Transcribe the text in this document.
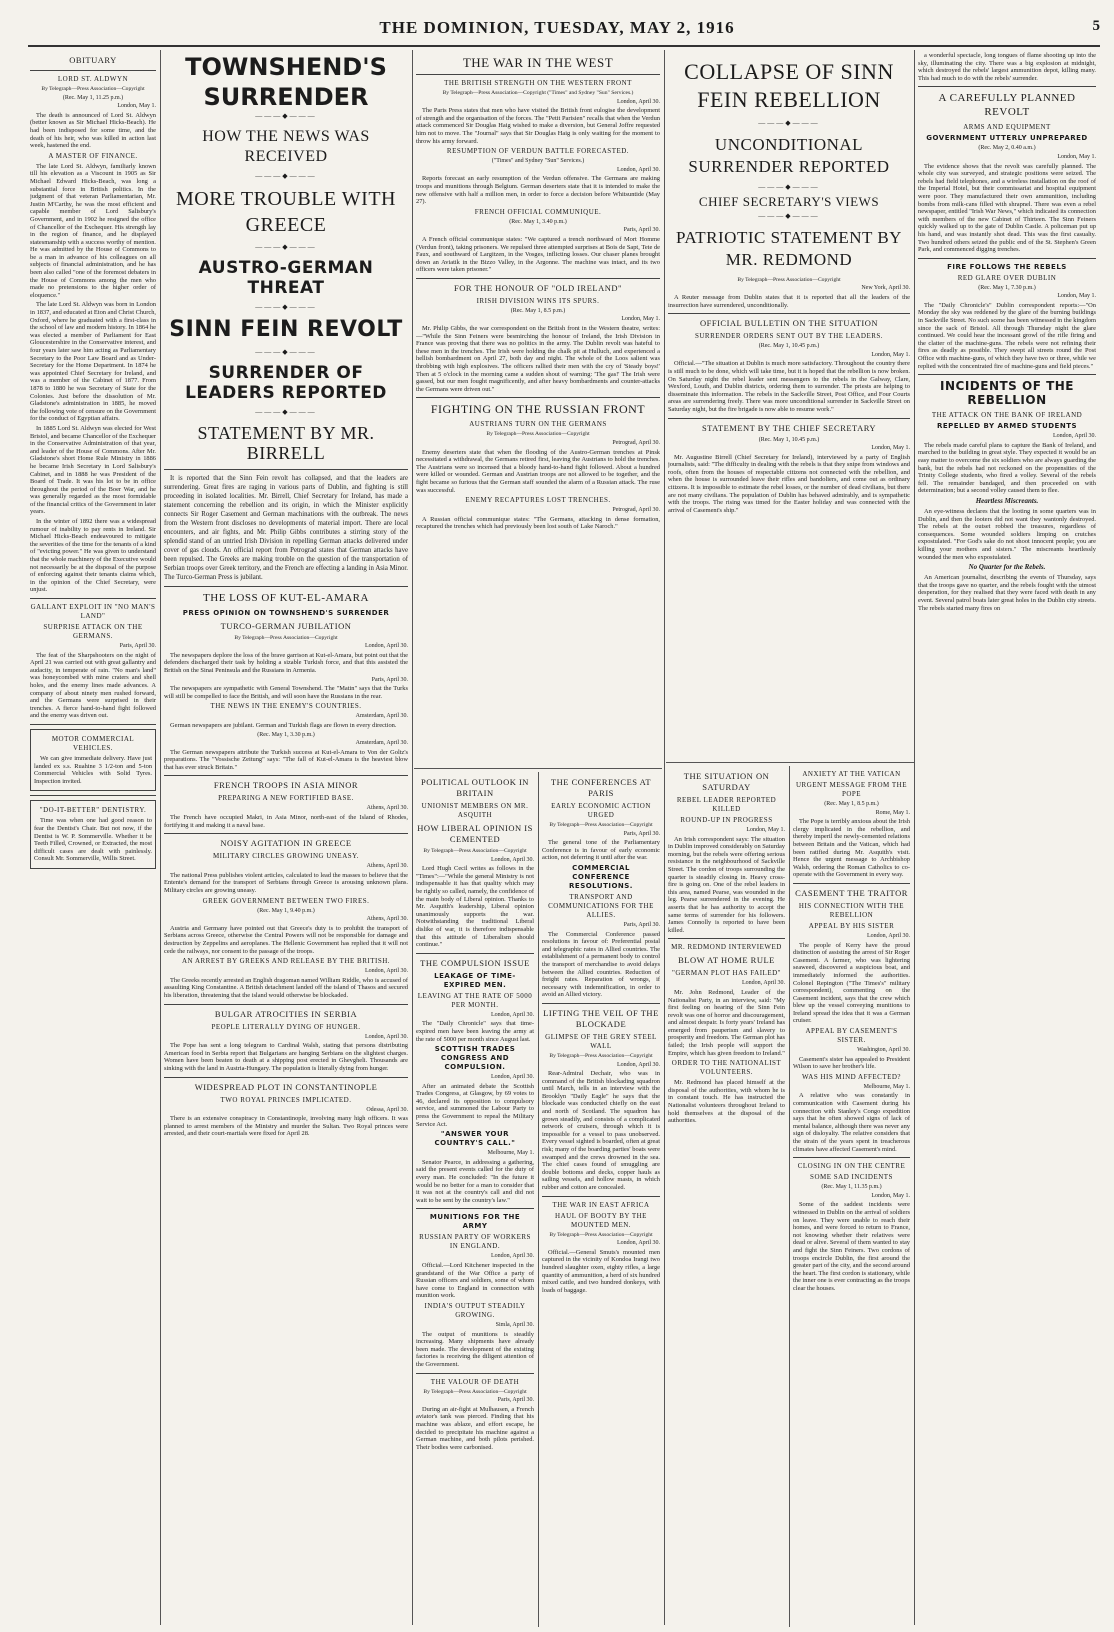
THE DOMINION, TUESDAY, MAY 2, 1916	5
OBITUARY
LORD ST. ALDWYN
By Telegraph—Press Association—Copyright
(Rec. May 1, 11.25 p.m.)
London, May 1.

The death is announced of Lord St. Aldwyn (better known as Sir Michael Hicks-Beach). He had been indisposed for some time, and the death of his heir, who was killed in action last week, hastened the end.

A MASTER OF FINANCE.

The late Lord St. Aldwyn, familiarly known till his elevation as a Viscount in 1905 as Sir Michael Edward Hicks-Beach, was long a substantial force in British politics. In the judgment of that veteran Parliamentarian, Mr. Justin M'Carthy, he was the most efficient and capable member of Lord Salisbury's Government, and in 1902 he resigned the office of Chancellor of the Exchequer. His strength lay in the region of finance, and he displayed statesmanship with a success worthy of mention. He was admitted by the House of Commons to be a man in advance of his colleagues on all subjects of financial administration, and he has been also called "one of the foremost debaters in the House of Commons among the men who made no pretensions to the higher order of eloquence."

The late Lord St. Aldwyn was born in London in 1837, and educated at Eton and Christ Church, Oxford, where he graduated with a first-class in the school of law and modern history. In 1864 he was elected a member of Parliament for East Gloucestershire in the Conservative interest, and four years later saw him acting as Parliamentary Secretary to the Poor Law Board and as Under-Secretary for the Home Department. In 1874 he was appointed Chief Secretary for Ireland, and was a member of the Cabinet of 1877. From 1878 to 1880 he was Secretary of State for the Colonies. Just before the dissolution of Mr. Gladstone's administration in 1885, he moved the following vote of censure on the Government for the conduct of Egyptian affairs.

In 1885 Lord St. Aldwyn was elected for West Bristol, and became Chancellor of the Exchequer in the Conservative Administration of that year, and leader of the House of Commons. After Mr. Gladstone's short Home Rule Ministry in 1886 he became Irish Secretary in Lord Salisbury's Cabinet, and in 1888 he was President of the Board of Trade. It was his lot to be in office throughout the period of the Boer War, and he was generally regarded as the most formidable of the financial critics of the Government in later years.

In the winter of 1892 there was a widespread rumour of inability to pay rents in Ireland. Sir Michael Hicks-Beach endeavoured to mitigate the severities of the time for the tenants of a kind of "evicting power." He was given to understand that the whole machinery of the Executive would not necessarily be at the disposal of the purpose of enforcing against their tenants claims which, in the opinion of the Chief Secretary, were unjust.

GALLANT EXPLOIT IN "NO MAN'S LAND"
SURPRISE ATTACK ON THE GERMANS.
Paris, April 30.

The feat of the Sharpshooters on the night of April 21 was carried out with great gallantry and audacity, in temperate of rain. "No man's land" was honeycombed with mine craters and shell holes, and the enemy lines made advances. A company of about ninety men rushed forward, and the Germans were surprised in their trenches. A fierce hand-to-hand fight followed and the enemy was driven out.

MOTOR COMMERCIAL VEHICLES.

We can give immediate delivery. Have just landed ex s.s. Ruahine 3 1/2-ton and 5-ton Commercial Vehicles with Solid Tyres. Inspection invited.

"DO-IT-BETTER" DENTISTRY.

Time was when one had good reason to fear the Dentist's Chair. But not now, if the Dentist is W. P. Sommerville. Whether it be Teeth Filled, Crowned, or Extracted, the most difficult cases are dealt with painlessly. Consult Mr. Sommerville, Willis Street.

TOWNSHEND'S SURRENDER
———◆———
HOW THE NEWS WAS RECEIVED
———◆———
MORE TROUBLE WITH GREECE
———◆———
AUSTRO-GERMAN THREAT
———◆———
SINN FEIN REVOLT
———◆———
SURRENDER OF LEADERS REPORTED
———◆———
STATEMENT BY MR. BIRRELL

It is reported that the Sinn Fein revolt has collapsed, and that the leaders are surrendering. Great fires are raging in various parts of Dublin, and fighting is still proceeding in isolated localities. Mr. Birrell, Chief Secretary for Ireland, has made a statement concerning the rebellion and its origin, in which the Minister explicitly connects Sir Roger Casement and German machinations with the outbreak. The news from the Western front discloses no developments of material import. There are local encounters, and air fights, and Mr. Philip Gibbs contributes a stirring story of the splendid stand of an untried Irish Division in repelling German attacks delivered under cover of gas clouds. An official report from Petrograd states that German attacks have been repulsed. The Greeks are making trouble on the question of the transportation of Serbian troops over Greek territory, and the French are effecting a landing in Asia Minor. The Turco-German Press is jubilant.

THE LOSS OF KUT-EL-AMARA
PRESS OPINION ON TOWNSHEND'S SURRENDER
TURCO-GERMAN JUBILATION
By Telegraph—Press Association—Copyright
London, April 30.

The newspapers deplore the loss of the brave garrison at Kut-el-Amara, but point out that the defenders discharged their task by holding a sizable Turkish force, and that this assisted the British on the Sinai Peninsula and the Russians in Armenia.

Paris, April 30.

The newspapers are sympathetic with General Townshend. The "Matin" says that the Turks will still be compelled to face the British, and will soon have the Russians in the rear.

THE NEWS IN THE ENEMY'S COUNTRIES.
Amsterdam, April 30.

German newspapers are jubilant. German and Turkish flags are flown in every direction.

(Rec. May 1, 3.30 p.m.)
Amsterdam, April 30.

The German newspapers attribute the Turkish success at Kut-el-Amara to Von der Goltz's preparations. The "Vossische Zeitung" says: "The fall of Kut-el-Amara is the heaviest blow that has ever struck Britain."

FRENCH TROOPS IN ASIA MINOR
PREPARING A NEW FORTIFIED BASE.
Athens, April 30.

The French have occupied Makri, in Asia Minor, north-east of the Island of Rhodes, fortifying it and making it a naval base.

NOISY AGITATION IN GREECE
MILITARY CIRCLES GROWING UNEASY.
Athens, April 30.

The national Press publishes violent articles, calculated to lead the masses to believe that the Entente's demand for the transport of Serbians through Greece is arousing unknown plans. Military circles are growing uneasy.

GREEK GOVERNMENT BETWEEN TWO FIRES.
(Rec. May 1, 9.40 p.m.)
Athens, April 30.

Austria and Germany have pointed out that Greece's duty is to prohibit the transport of Serbians across Greece, otherwise the Central Powers will not be responsible for damage and destruction by Zeppelins and aeroplanes. The Hellenic Government has replied that it will not cede the railways, nor consent to the passage of the troops.

AN ARREST BY GREEKS AND RELEASE BY THE BRITISH.
London, April 30.

The Greeks recently arrested an English dragoman named William Riddle, who is accused of assaulting King Constantine. A British detachment landed off the island of Thasos and secured his liberation, threatening that the island would otherwise be blockaded.

BULGAR ATROCITIES IN SERBIA
PEOPLE LITERALLY DYING OF HUNGER.
London, April 30.

The Pope has sent a long telegram to Cardinal Walsh, stating that persons distributing American food in Serbia report that Bulgarians are hanging Serbians on the slightest charges. Women have been beaten to death at a shipping post erected in Ghevgheli. Thousands are sinking with the land in Austria-Hungary. The population is literally dying from hunger.

WIDESPREAD PLOT IN CONSTANTINOPLE
TWO ROYAL PRINCES IMPLICATED.
Odessa, April 30.

There is an extensive conspiracy in Constantinople, involving many high officers. It was planned to arrest members of the Ministry and murder the Sultan. Two Royal princes were arrested, and their court-martials were fixed for April 28.

THE WAR IN THE WEST
THE BRITISH STRENGTH ON THE WESTERN FRONT
By Telegraph—Press Association—Copyright ("Times" and Sydney "Sun" Services.)
London, April 30.

The Paris Press states that men who have visited the British front eulogise the development of strength and the organisation of the forces. The "Petit Parisien" recalls that when the Verdun attack commenced Sir Douglas Haig wished to make a diversion, but General Joffre requested him not to move. The "Journal" says that Sir Douglas Haig is only waiting for the moment to throw his army forward.

RESUMPTION OF VERDUN BATTLE FORECASTED.
("Times" and Sydney "Sun" Services.)
London, April 30.

Reports forecast an early resumption of the Verdun offensive. The Germans are making troops and munitions through Belgium. German deserters state that it is intended to make the new offensive with half a million men, in order to force a decision before Whitsuntide (May 27).

FRENCH OFFICIAL COMMUNIQUE.
(Rec. May 1, 3.40 p.m.)
Paris, April 30.

A French official communique states: "We captured a trench northward of Mort Homme (Verdun front), taking prisoners. We repulsed three attempted surprises at Bois de Sapt, Tete de Faux, and southward of Largitzen, in the Vosges, inflicting losses. Our chaser planes brought down an Aviatik in the Bizzo Valley, in the Argonne. The machine was intact, and its two officers were taken prisoner."

FOR THE HONOUR OF "OLD IRELAND"
IRISH DIVISION WINS ITS SPURS.
(Rec. May 1, 8.5 p.m.)
London, May 1.

Mr. Philip Gibbs, the war correspondent on the British front in the Western theatre, writes:—"While the Sinn Feiners were besmirching the honour of Ireland, the Irish Division in France was proving that there was no politics in the army. The Dublin revolt was hateful to these men in the trenches. The Irish were holding the chalk pit at Hulluch, and experienced a hellish bombardment on April 27, both day and night. The whole of the Loos salient was throbbing with high explosives. The officers rallied their men with the cry of 'Steady boys!' Then at 5 o'clock in the morning came a sudden shout of warning: 'The gas!' The Irish were gassed, but our men fought magnificently, and after heavy bombardments and counter-attacks the Germans were driven out."

FIGHTING ON THE RUSSIAN FRONT
AUSTRIANS TURN ON THE GERMANS
By Telegraph—Press Association—Copyright
Petrograd, April 30.

Enemy deserters state that when the flooding of the Austro-German trenches at Pinsk necessitated a withdrawal, the Germans retired first, leaving the Austrians to hold the trenches. The Austrians were so incensed that a bloody hand-to-hand fight followed. About a hundred were killed or wounded. German and Austrian troops are not allowed to be together, and the fight became so furious that the German staff sounded the alarm of a Russian attack. The ruse was successful.

ENEMY RECAPTURES LOST TRENCHES.
Petrograd, April 30.

A Russian official communique states: "The Germans, attacking in dense formation, recaptured the trenches which had previously been lost south of Lake Naroch."

POLITICAL OUTLOOK IN BRITAIN
UNIONIST MEMBERS ON MR. ASQUITH
HOW LIBERAL OPINION IS CEMENTED
By Telegraph—Press Association—Copyright
London, April 30.

Lord Hugh Cecil writes as follows in the "Times":—"While the general Ministry is not indispensable it has that quality which may be rightly so called, namely, the confidence of the main body of Liberal opinion. Thanks to Mr. Asquith's leadership, Liberal opinion unanimously supports the war. Notwithstanding the traditional Liberal dislike of war, it is therefore indispensable that this attitude of Liberalism should continue."

THE COMPULSION ISSUE
LEAKAGE OF TIME-EXPIRED MEN.
LEAVING AT THE RATE OF 5000 PER MONTH.
London, April 30.

The "Daily Chronicle" says that time-expired men have been leaving the army at the rate of 5000 per month since August last.

SCOTTISH TRADES CONGRESS AND COMPULSION.
London, April 30.

After an animated debate the Scottish Trades Congress, at Glasgow, by 69 votes to 46, declared its opposition to compulsory service, and summoned the Labour Party to press the Government to repeal the Military Service Act.

"ANSWER YOUR COUNTRY'S CALL."
Melbourne, May 1.

Senator Pearce, in addressing a gathering, said the present events called for the duty of every man. He concluded: "In the future it would be no better for a man to consider that it was not at the country's call and did not wait to be sent by the country's law."

MUNITIONS FOR THE ARMY
RUSSIAN PARTY OF WORKERS IN ENGLAND.
London, April 30.

Official.—Lord Kitchener inspected in the grandstand of the War Office a party of Russian officers and soldiers, some of whom have come to England in connection with munition work.

INDIA'S OUTPUT STEADILY GROWING.
Simla, April 30.

The output of munitions is steadily increasing. Many shipments have already been made. The development of the existing factories is receiving the diligent attention of the Government.

THE VALOUR OF DEATH
By Telegraph—Press Association—Copyright
Paris, April 30.

During an air-fight at Mulhausen, a French aviator's tank was pierced. Finding that his machine was ablaze, and effort escape, he decided to precipitate his machine against a German machine, and both pilots perished. Their bodies were carbonised.

THE CONFERENCES AT PARIS
EARLY ECONOMIC ACTION URGED
By Telegraph—Press Association—Copyright
Paris, April 30.

The general tone of the Parliamentary Conference is in favour of early economic action, not deferring it until after the war.

COMMERCIAL CONFERENCE RESOLUTIONS.
TRANSPORT AND COMMUNICATIONS FOR THE ALLIES.
Paris, April 30.

The Commercial Conference passed resolutions in favour of: Preferential postal and telegraphic rates in Allied countries. The establishment of a permanent body to control the transport of merchandise to avoid delays between the Allied countries. Reduction of freight rates. Reparation of wrongs, if necessary with indemnification, in order to avoid an Allied victory.

LIFTING THE VEIL OF THE BLOCKADE
GLIMPSE OF THE GREY STEEL WALL
By Telegraph—Press Association—Copyright
London, April 30.

Rear-Admiral Dechair, who was in command of the British blockading squadron until March, tells in an interview with the Brooklyn "Daily Eagle" he says that the blockade was conducted chiefly on the east and north of Scotland. The squadron has grown steadily, and consists of a complicated network of cruisers, through which it is impossible for a vessel to pass unobserved. Every vessel sighted is boarded, often at great risk; many of the boarding parties' boats were swamped and the crews drowned in the sea. The chief cases found of smuggling are double bottoms and decks, copper hauls as sailing vessels, and hollow masts, in which rubber and cotton are concealed.

THE WAR IN EAST AFRICA
HAUL OF BOOTY BY THE MOUNTED MEN.
By Telegraph—Press Association—Copyright
London, April 30.

Official.—General Smuts's mounted men captured in the vicinity of Kondoa Irangi two hundred slaughter oxen, eighty rifles, a large quantity of ammunition, a herd of six hundred mixed cattle, and two hundred donkeys, with loads of baggage.

COLLAPSE OF SINN FEIN REBELLION
———◆———
UNCONDITIONAL SURRENDER REPORTED
———◆———
CHIEF SECRETARY'S VIEWS
———◆———
PATRIOTIC STATEMENT BY MR. REDMOND
By Telegraph—Press Association—Copyright
New York, April 30.

A Reuter message from Dublin states that it is reported that all the leaders of the insurrection have surrendered, unconditionally.

OFFICIAL BULLETIN ON THE SITUATION
SURRENDER ORDERS SENT OUT BY THE LEADERS.
(Rec. May 1, 10.45 p.m.)
London, May 1.

Official.—"The situation at Dublin is much more satisfactory. Throughout the country there is still much to be done, which will take time, but it is hoped that the rebellion is now broken. On Saturday night the rebel leader sent messengers to the rebels in the Galway, Clare, Wexford, Louth, and Dublin districts, ordering them to surrender. The priests are helping to disseminate this information. The rebels in the Sackville Street, Post Office, and Four Courts areas are surrendering freely. There was more unconditional surrender in Sackville Street on Saturday night, but the fire brigade is now able to resume work."

STATEMENT BY THE CHIEF SECRETARY
(Rec. May 1, 10.45 p.m.)
London, May 1.

Mr. Augustine Birrell (Chief Secretary for Ireland), interviewed by a party of English journalists, said: "The difficulty in dealing with the rebels is that they snipe from windows and roofs, often from the houses of respectable citizens not connected with the rebellion, and when the house is surrounded leave their rifles and bandoliers, and come out as ordinary citizens. It is impossible to estimate the rebel losses, or the number of dead civilians, but there are not many civilians. The population of Dublin has behaved admirably, and is sympathetic with the troops. The rising was timed for the Easter holiday and was connected with the arrival of Casement's ship."

THE SITUATION ON SATURDAY
REBEL LEADER REPORTED KILLED
ROUND-UP IN PROGRESS
London, May 1.

An Irish correspondent says: The situation in Dublin improved considerably on Saturday morning, but the rebels were offering serious resistance in the neighbourhood of Sackville Street. The cordon of troops surrounding the quarter is steadily closing in. Heavy cross-fire is going on. One of the rebel leaders in this area, named Pearse, was wounded in the leg. Pearse surrendered in the evening. He asserts that he has authority to accept the same terms of surrender for his followers. James Connolly is reported to have been killed.

MR. REDMOND INTERVIEWED
BLOW AT HOME RULE
"GERMAN PLOT HAS FAILED"
London, April 30.

Mr. John Redmond, Leader of the Nationalist Party, in an interview, said: "My first feeling on hearing of the Sinn Fein revolt was one of horror and discouragement, and almost despair. Is forty years' Ireland has emerged from pauperism and slavery to prosperity and freedom. The German plot has failed; the Irish people will support the Empire, which has given freedom to Ireland."

ORDER TO THE NATIONALIST VOLUNTEERS.

Mr. Redmond has placed himself at the disposal of the authorities, with whom he is in constant touch. He has instructed the Nationalist volunteers throughout Ireland to hold themselves at the disposal of the authorities.

ANXIETY AT THE VATICAN
URGENT MESSAGE FROM THE POPE
(Rec. May 1, 8.5 p.m.)
Rome, May 1.

The Pope is terribly anxious about the Irish clergy implicated in the rebellion, and thereby imperil the newly-cemented relations between Britain and the Vatican, which had been ratified during Mr. Asquith's visit. Hence the urgent message to Archbishop Walsh, ordering the Roman Catholics to co-operate with the Government in every way.

CASEMENT THE TRAITOR
HIS CONNECTION WITH THE REBELLION
APPEAL BY HIS SISTER
London, April 30.

The people of Kerry have the proud distinction of assisting the arrest of Sir Roger Casement. A farmer, who was lightering seaweed, discovered a suspicious boat, and immediately informed the authorities. Colonel Repington ("The Times's" military correspondent), commenting on the Casement incident, says that the crew which blew up the vessel conveying munitions to Ireland spread the idea that it was a German cruiser.

APPEAL BY CASEMENT'S SISTER.
Washington, April 30.

Casement's sister has appealed to President Wilson to save her brother's life.

WAS HIS MIND AFFECTED?
Melbourne, May 1.

A relative who was constantly in communication with Casement during his connection with Stanley's Congo expedition says that he often showed signs of lack of mental balance, although there was never any sign of disloyalty. The relative considers that the strain of the years spent in treacherous climates have affected Casement's mind.

CLOSING IN ON THE CENTRE
SOME SAD INCIDENTS
(Rec. May 1, 11.35 p.m.)
London, May 1.

Some of the saddest incidents were witnessed in Dublin on the arrival of soldiers on leave. They were unable to reach their homes, and were forced to return to France, not knowing whether their relatives were dead or alive. Several of them wanted to stay and fight the Sinn Feiners. Two cordons of troops encircle Dublin, the first around the greater part of the city, and the second around the heart. The first cordon is stationary, while the inner one is ever contracting as the troops clear the houses.

a wonderful spectacle, long tongues of flame shooting up into the sky, illuminating the city. There was a big explosion at midnight, which destroyed the rebels' largest ammunition depot, killing many. This had much to do with the rebels' surrender.

A CAREFULLY PLANNED REVOLT
ARMS AND EQUIPMENT
GOVERNMENT UTTERLY UNPREPARED
(Rec. May 2, 0.40 a.m.)
London, May 1.

The evidence shows that the revolt was carefully planned. The whole city was surveyed, and strategic positions were seized. The rebels had field telephones, and a wireless installation on the roof of the Imperial Hotel, but their commissariat and hospital equipment were poor. They manufactured their own ammunition, including bombs from milk-cans filled with shrapnel. There was even a rebel newspaper, entitled "Irish War News," which indicated its connection with members of the new Cabinet of Thirteen. The Sinn Feiners quickly walked up to the gate of Dublin Castle. A policeman put up his hand, and was instantly shot dead. This was the first casualty. Two hundred others seized the public end of the St. Stephen's Green Park, and commenced digging trenches.

FIRE FOLLOWS THE REBELS
RED GLARE OVER DUBLIN
(Rec. May 1, 7.30 p.m.)
London, May 1.

The "Daily Chronicle's" Dublin correspondent reports:—"On Monday the sky was reddened by the glare of the burning buildings in Sackville Street. No such scene has been witnessed in the kingdom since the sack of Bristol. All through Thursday night the glare continued. We could hear the incessant growl of the rifle firing and the clatter of the machine-guns. The rebels were not refining their fires as deadly as possible. They swept all streets round the Post Office with machine-guns, of which they have two or three, while we replied with the concentrated fire of machine-guns and field pieces."

INCIDENTS OF THE REBELLION
THE ATTACK ON THE BANK OF IRELAND
REPELLED BY ARMED STUDENTS
London, April 30.

The rebels made careful plans to capture the Bank of Ireland, and marched to the building in great style. They expected it would be an easy matter to overcome the six soldiers who are always guarding the bank, but the rebels had not reckoned on the propensities of the Trinity College students, who fired a volley. Several of the rebels fell. The remainder bandaged, and then proceeded on with determination; but a second volley caused them to flee.

Heartless Miscreants.

An eye-witness declares that the looting in some quarters was in Dublin, and then the looters did not want they wantonly destroyed. The rebels at the outset robbed the treasures, regardless of consequences. Some wounded soldiers limping on crutches expostulated. "For God's sake do not shoot innocent people; you are killing your mothers and sisters." The miscreants heartlessly wounded the men who expostulated.

No Quarter for the Rebels.

An American journalist, describing the events of Thursday, says that the troops gave no quarter, and the rebels fought with the utmost desperation, for they realised that they were faced with death in any event. Several patrol boats later great holes in the Dublin city streets. The rebels started many fires on
